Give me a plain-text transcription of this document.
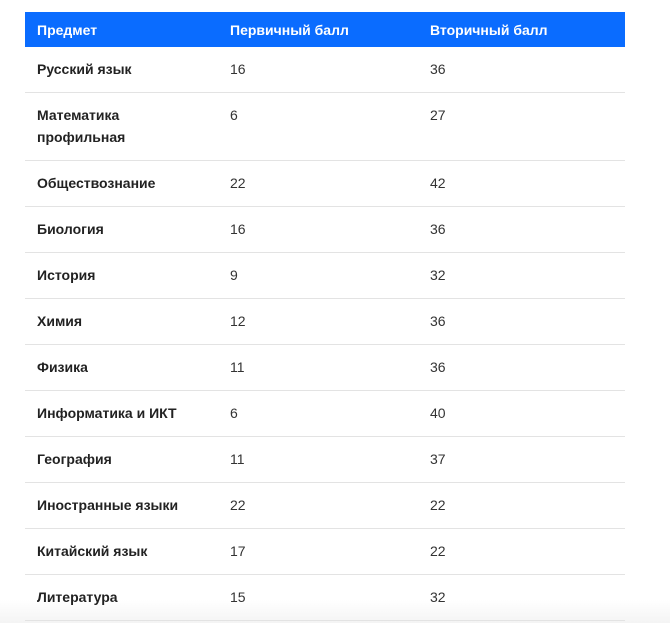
Предмет	Первичный балл	Вторичный балл
Русский язык	16	36
Математика профильная	6	27
Обществознание	22	42
Биология	16	36
История	9	32
Химия	12	36
Физика	11	36
Информатика и ИКТ	6	40
География	11	37
Иностранные языки	22	22
Китайский язык	17	22
Литература	15	32
